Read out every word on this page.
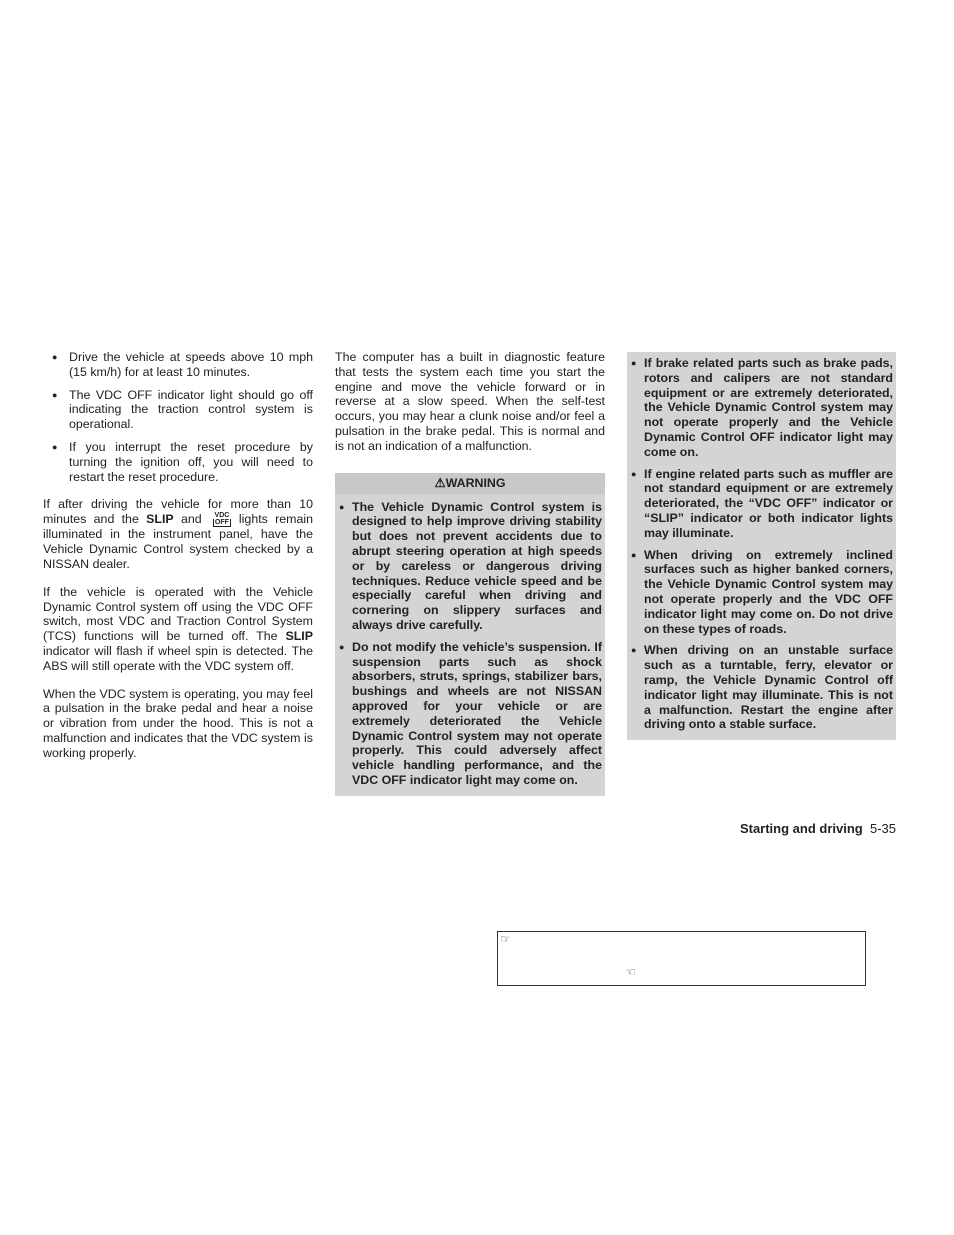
● Drive the vehicle at speeds above 10 mph (15 km/h) for at least 10 minutes.
● The VDC OFF indicator light should go off indicating the traction control system is operational.
● If you interrupt the reset procedure by turning the ignition off, you will need to restart the reset procedure.

If after driving the vehicle for more than 10 minutes and the SLIP and VDC
OFF lights remain illuminated in the instrument panel, have the Vehicle Dynamic Control system checked by a NISSAN dealer.

If the vehicle is operated with the Vehicle Dynamic Control system off using the VDC OFF switch, most VDC and Traction Control System (TCS) functions will be turned off. The SLIP indicator will flash if wheel spin is detected. The ABS will still operate with the VDC system off.

When the VDC system is operating, you may feel a pulsation in the brake pedal and hear a noise or vibration from under the hood. This is not a malfunction and indicates that the VDC system is working properly.

The computer has a built in diagnostic feature that tests the system each time you start the engine and move the vehicle forward or in reverse at a slow speed. When the self-test occurs, you may hear a clunk noise and/or feel a pulsation in the brake pedal. This is normal and is not an indication of a malfunction.

⚠WARNING
● The Vehicle Dynamic Control system is designed to help improve driving stability but does not prevent accidents due to abrupt steering operation at high speeds or by careless or dangerous driving techniques. Reduce vehicle speed and be especially careful when driving and cornering on slippery surfaces and always drive carefully.
● Do not modify the vehicle’s suspension. If suspension parts such as shock absorbers, struts, springs, stabilizer bars, bushings and wheels are not NISSAN approved for your vehicle or are extremely deteriorated the Vehicle Dynamic Control system may not operate properly. This could adversely affect vehicle handling performance, and the VDC OFF indicator light may come on.
● If brake related parts such as brake pads, rotors and calipers are not standard equipment or are extremely deteriorated, the Vehicle Dynamic Control system may not operate properly and the Vehicle Dynamic Control OFF indicator light may come on.
● If engine related parts such as muffler are not standard equipment or are extremely deteriorated, the “VDC OFF” indicator or “SLIP” indicator or both indicator lights may illuminate.
● When driving on extremely inclined surfaces such as higher banked corners, the Vehicle Dynamic Control system may not operate properly and the VDC OFF indicator light may come on. Do not drive on these types of roads.
● When driving on an unstable surface such as a turntable, ferry, elevator or ramp, the Vehicle Dynamic Control off indicator light may illuminate. This is not a malfunction. Restart the engine after driving onto a stable surface.
Starting and driving 5-35
☞
☜
